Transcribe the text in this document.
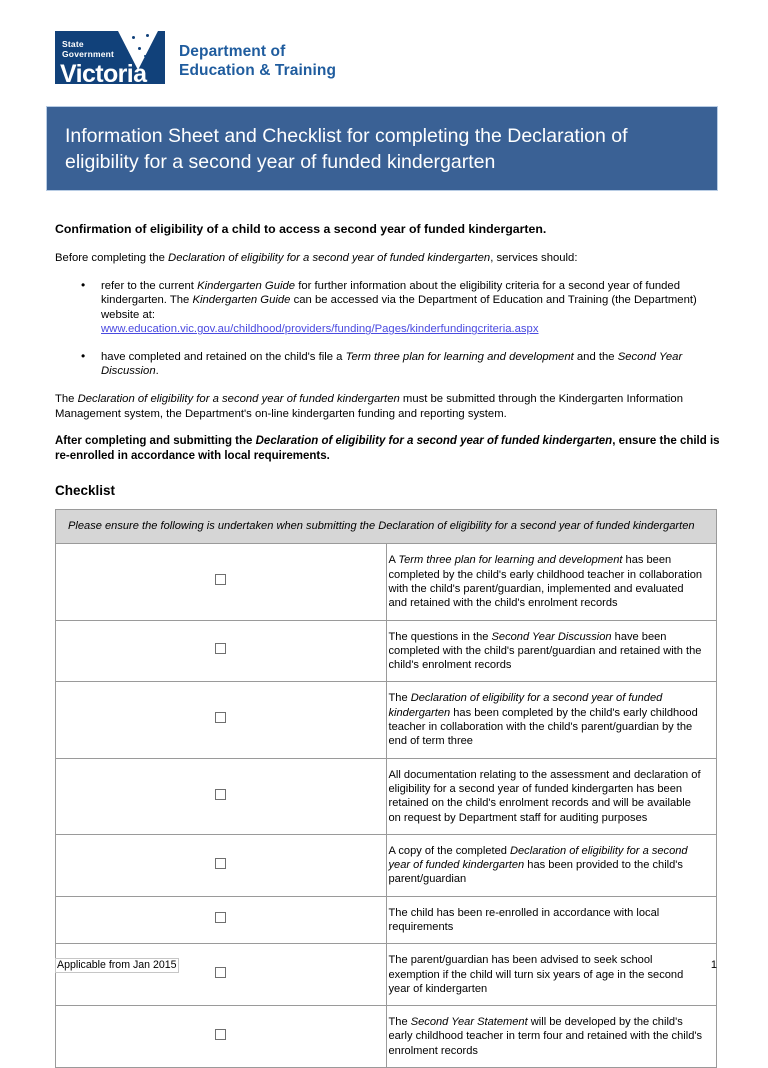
State
Government
Victoria
Department of
Education & Training
Information Sheet and Checklist for completing the Declaration of eligibility for a second year of funded kindergarten

Confirmation of eligibility of a child to access a second year of funded kindergarten.

Before completing the Declaration of eligibility for a second year of funded kindergarten, services should:

• refer to the current Kindergarten Guide for further information about the eligibility criteria for a second year of funded kindergarten. The Kindergarten Guide can be accessed via the Department of Education and Training (the Department) website at:
www.education.vic.gov.au/childhood/providers/funding/Pages/kinderfundingcriteria.aspx
• have completed and retained on the child's file a Term three plan for learning and development and the Second Year Discussion.

The Declaration of eligibility for a second year of funded kindergarten must be submitted through the Kindergarten Information Management system, the Department's on-line kindergarten funding and reporting system.

After completing and submitting the Declaration of eligibility for a second year of funded kindergarten, ensure the child is re-enrolled in accordance with local requirements.

Checklist
Please ensure the following is undertaken when submitting the Declaration of eligibility for a second year of funded kindergarten	
	A Term three plan for learning and development has been completed by the child's early childhood teacher in collaboration with the child's parent/guardian, implemented and evaluated and retained with the child's enrolment records
	The questions in the Second Year Discussion have been completed with the child's parent/guardian and retained with the child's enrolment records
	The Declaration of eligibility for a second year of funded kindergarten has been completed by the child's early childhood teacher in collaboration with the child's parent/guardian by the end of term three
	All documentation relating to the assessment and declaration of eligibility for a second year of funded kindergarten has been retained on the child's enrolment records and will be available on request by Department staff for auditing purposes
	A copy of the completed Declaration of eligibility for a second year of funded kindergarten has been provided to the child's parent/guardian
	The child has been re-enrolled in accordance with local requirements
	The parent/guardian has been advised to seek school exemption if the child will turn six years of age in the second year of kindergarten
	The Second Year Statement will be developed by the child's early childhood teacher in term four and retained with the child's enrolment records
Applicable from Jan 2015	1
